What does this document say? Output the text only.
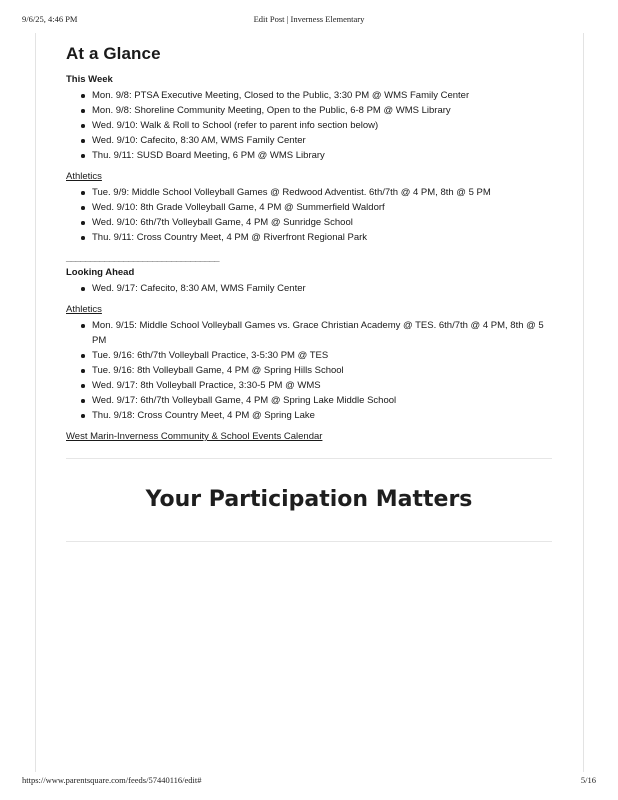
9/6/25, 4:46 PM	Edit Post | Inverness Elementary
At a Glance
This Week
Mon. 9/8: PTSA Executive Meeting, Closed to the Public, 3:30 PM @ WMS Family Center
Mon. 9/8: Shoreline Community Meeting, Open to the Public, 6-8 PM @ WMS Library
Wed. 9/10: Walk & Roll to School (refer to parent info section below)
Wed. 9/10: Cafecito, 8:30 AM, WMS Family Center
Thu. 9/11: SUSD Board Meeting, 6 PM @ WMS Library
Athletics
Tue. 9/9: Middle School Volleyball Games @ Redwood Adventist. 6th/7th @ 4 PM, 8th @ 5 PM
Wed. 9/10: 8th Grade Volleyball Game, 4 PM @ Summerfield Waldorf
Wed. 9/10: 6th/7th Volleyball Game, 4 PM @ Sunridge School
Thu. 9/11: Cross Country Meet, 4 PM @ Riverfront Regional Park
________________________________
Looking Ahead
Wed. 9/17: Cafecito, 8:30 AM, WMS Family Center
Athletics
Mon. 9/15: Middle School Volleyball Games vs. Grace Christian Academy @ TES. 6th/7th @ 4 PM, 8th @ 5 PM
Tue. 9/16: 6th/7th Volleyball Practice, 3-5:30 PM @ TES
Tue. 9/16: 8th Volleyball Game, 4 PM @ Spring Hills School
Wed. 9/17: 8th Volleyball Practice, 3:30-5 PM @ WMS
Wed. 9/17: 6th/7th Volleyball Game, 4 PM @ Spring Lake Middle School
Thu. 9/18: Cross Country Meet, 4 PM @ Spring Lake
West Marin-Inverness Community & School Events Calendar
Your Participation Matters
https://www.parentsquare.com/feeds/57440116/edit#	5/16
